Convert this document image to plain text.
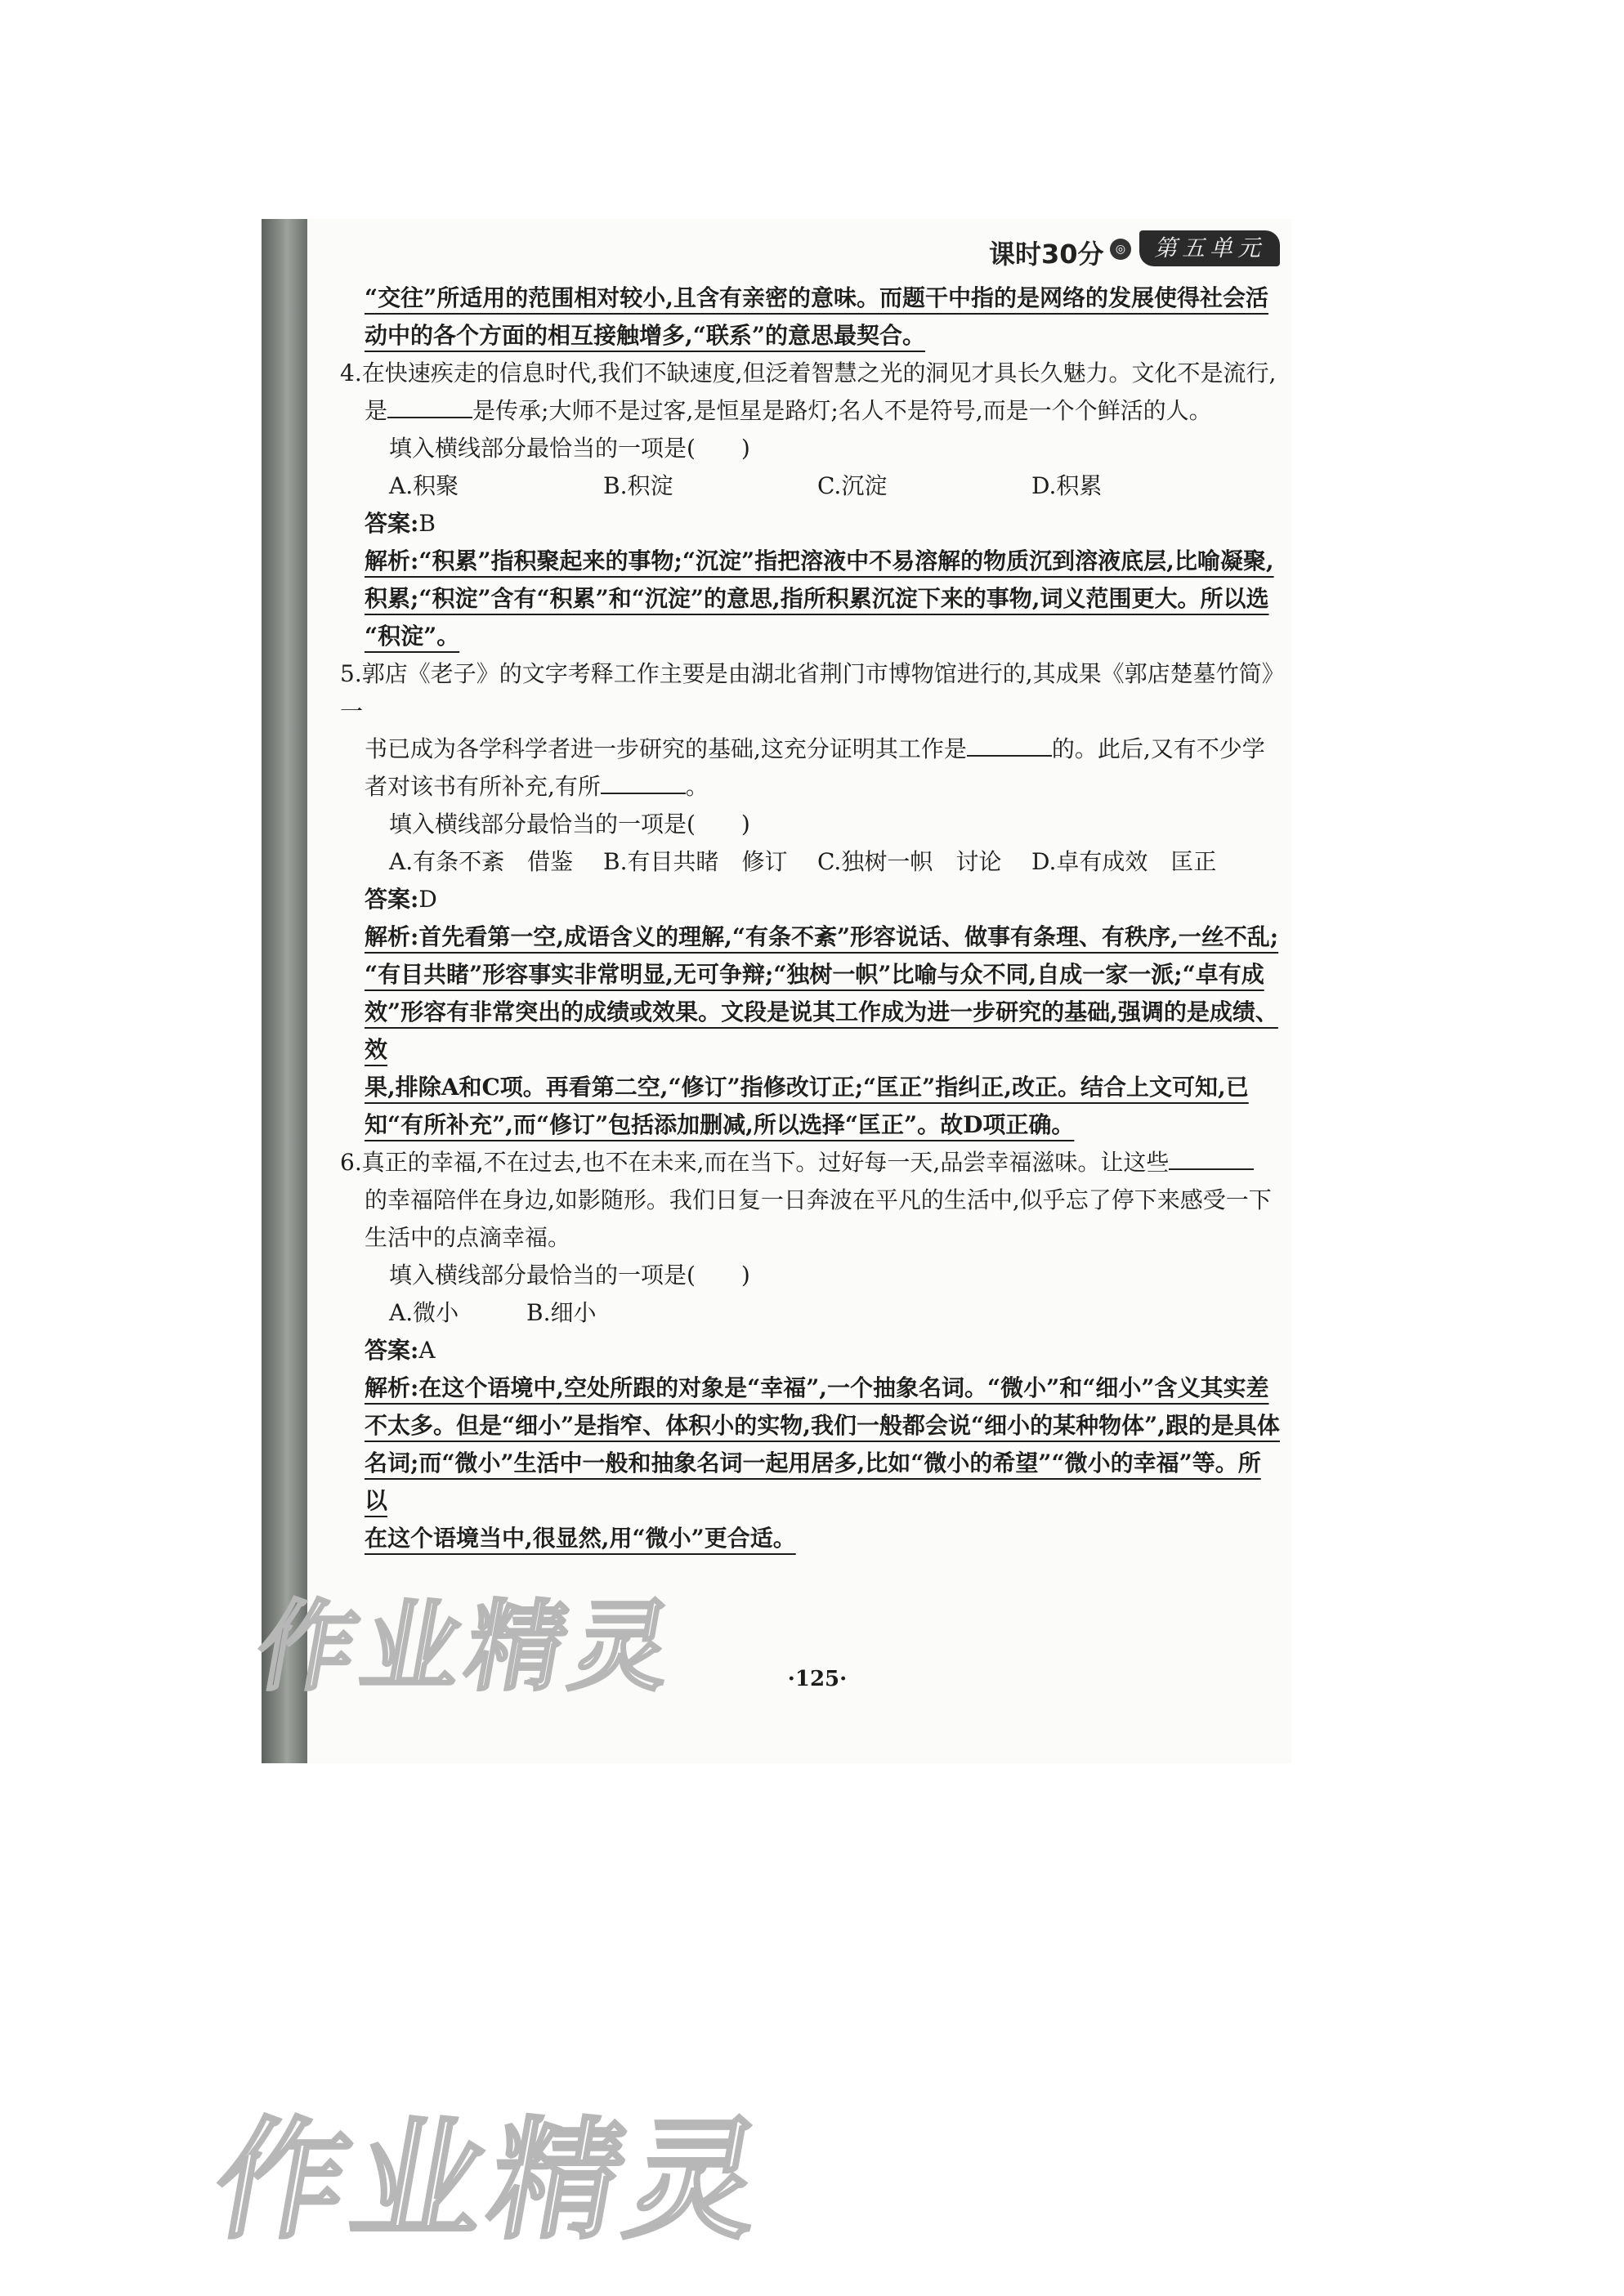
课时30分	◎	第五单元

“交往”所适用的范围相对较小,且含有亲密的意味。而题干中指的是网络的发展使得社会活

动中的各个方面的相互接触增多,“联系”的意思最契合。

4.在快速疾走的信息时代,我们不缺速度,但泛着智慧之光的洞见才具长久魅力。文化不是流行,

是	是传承;大师不是过客,是恒星是路灯;名人不是符号,而是一个个鲜活的人。

填入横线部分最恰当的一项是(　　)

A.积聚	B.积淀	C.沉淀	D.积累

答案:B

解析:“积累”指积聚起来的事物;“沉淀”指把溶液中不易溶解的物质沉到溶液底层,比喻凝聚,

积累;“积淀”含有“积累”和“沉淀”的意思,指所积累沉淀下来的事物,词义范围更大。所以选

“积淀”。

5.郭店《老子》的文字考释工作主要是由湖北省荆门市博物馆进行的,其成果《郭店楚墓竹简》一

书已成为各学科学者进一步研究的基础,这充分证明其工作是	的。此后,又有不少学

者对该书有所补充,有所	。

填入横线部分最恰当的一项是(　　)

A.有条不紊　借鉴	B.有目共睹　修订	C.独树一帜　讨论	D.卓有成效　匡正

答案:D

解析:首先看第一空,成语含义的理解,“有条不紊”形容说话、做事有条理、有秩序,一丝不乱;

“有目共睹”形容事实非常明显,无可争辩;“独树一帜”比喻与众不同,自成一家一派;“卓有成

效”形容有非常突出的成绩或效果。文段是说其工作成为进一步研究的基础,强调的是成绩、效

果,排除A和C项。再看第二空,“修订”指修改订正;“匡正”指纠正,改正。结合上文可知,已

知“有所补充”,而“修订”包括添加删减,所以选择“匡正”。故D项正确。

6.真正的幸福,不在过去,也不在未来,而在当下。过好每一天,品尝幸福滋味。让这些

的幸福陪伴在身边,如影随形。我们日复一日奔波在平凡的生活中,似乎忘了停下来感受一下

生活中的点滴幸福。

填入横线部分最恰当的一项是(　　)

A.微小	B.细小

答案:A

解析:在这个语境中,空处所跟的对象是“幸福”,一个抽象名词。“微小”和“细小”含义其实差

不太多。但是“细小”是指窄、体积小的实物,我们一般都会说“细小的某种物体”,跟的是具体

名词;而“微小”生活中一般和抽象名词一起用居多,比如“微小的希望”“微小的幸福”等。所以

在这个语境当中,很显然,用“微小”更合适。

作业精灵	·125·
作业精灵
